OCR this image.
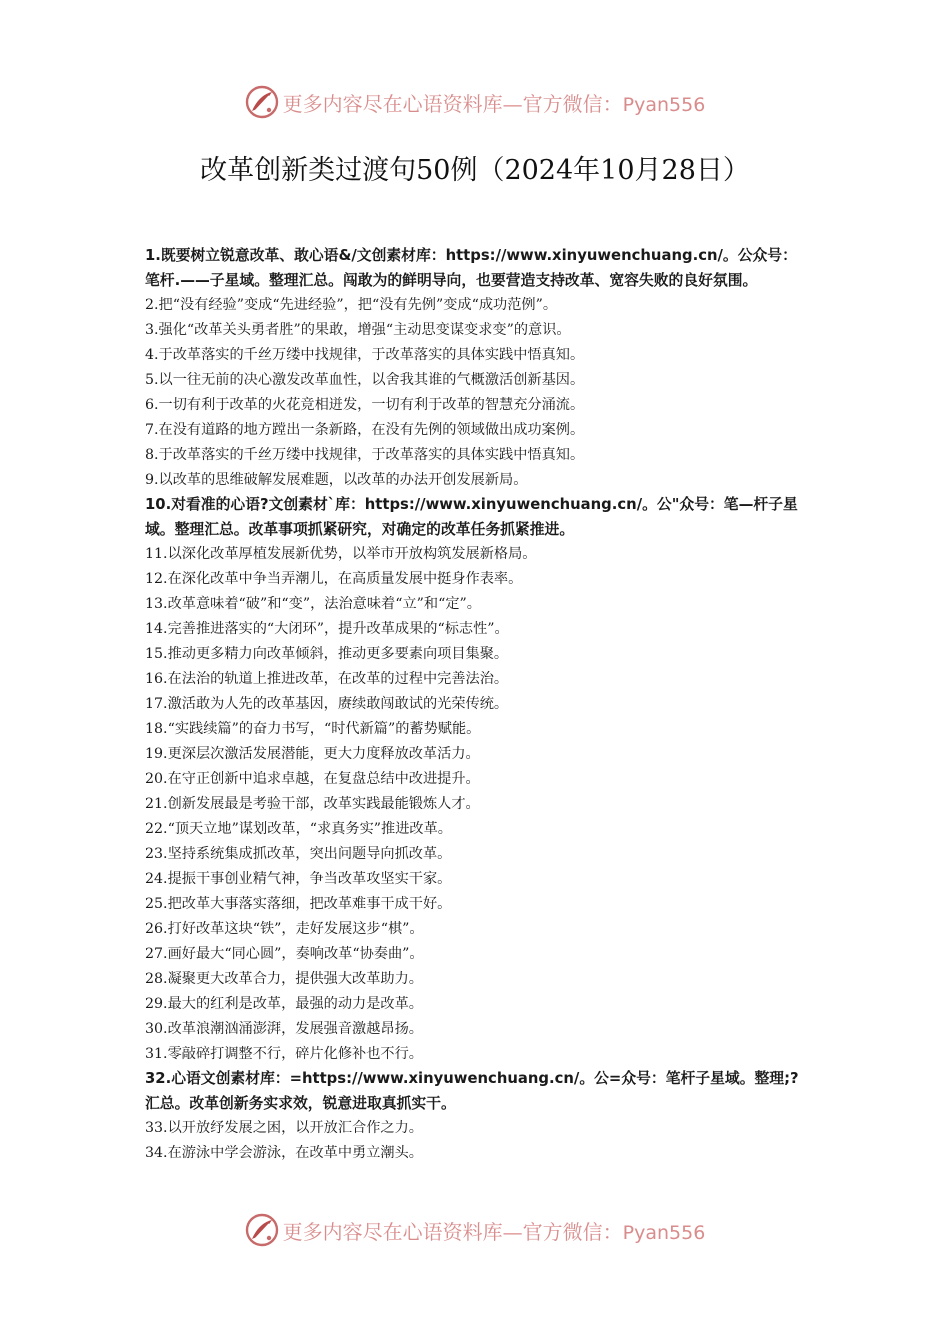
更多内容尽在心语资料库—官方微信：Pyan556
改革创新类过渡句50例（2024年10月28日）
1.既要树立锐意改革、敢心语&/文创素材库：https://www.xinyuwenchuang.cn/。公众号：笔杆.——子星域。整理汇总。闯敢为的鲜明导向，也要营造支持改革、宽容失败的良好氛围。
2.把“没有经验”变成“先进经验”，把“没有先例”变成“成功范例”。
3.强化“改革关头勇者胜”的果敢，增强“主动思变谋变求变”的意识。
4.于改革落实的千丝万缕中找规律，于改革落实的具体实践中悟真知。
5.以一往无前的决心激发改革血性，以舍我其谁的气概激活创新基因。
6.一切有利于改革的火花竞相迸发，一切有利于改革的智慧充分涌流。
7.在没有道路的地方蹚出一条新路，在没有先例的领域做出成功案例。
8.于改革落实的千丝万缕中找规律，于改革落实的具体实践中悟真知。
9.以改革的思维破解发展难题，以改革的办法开创发展新局。
10.对看准的心语?文创素材`库：https://www.xinyuwenchuang.cn/。公"众号：笔—杆子星域。整理汇总。改革事项抓紧研究，对确定的改革任务抓紧推进。
11.以深化改革厚植发展新优势，以举市开放构筑发展新格局。
12.在深化改革中争当弄潮儿，在高质量发展中挺身作表率。
13.改革意味着“破”和“变”，法治意味着“立”和“定”。
14.完善推进落实的“大闭环”，提升改革成果的“标志性”。
15.推动更多精力向改革倾斜，推动更多要素向项目集聚。
16.在法治的轨道上推进改革，在改革的过程中完善法治。
17.激活敢为人先的改革基因，赓续敢闯敢试的光荣传统。
18.“实践续篇”的奋力书写，“时代新篇”的蓄势赋能。
19.更深层次激活发展潜能，更大力度释放改革活力。
20.在守正创新中追求卓越，在复盘总结中改进提升。
21.创新发展最是考验干部，改革实践最能锻炼人才。
22.“顶天立地”谋划改革，“求真务实”推进改革。
23.坚持系统集成抓改革，突出问题导向抓改革。
24.提振干事创业精气神，争当改革攻坚实干家。
25.把改革大事落实落细，把改革难事干成干好。
26.打好改革这块“铁”，走好发展这步“棋”。
27.画好最大“同心圆”，奏响改革“协奏曲”。
28.凝聚更大改革合力，提供强大改革助力。
29.最大的红利是改革，最强的动力是改革。
30.改革浪潮汹涌澎湃，发展强音激越昂扬。
31.零敲碎打调整不行，碎片化修补也不行。
32.心语文创素材库：=https://www.xinyuwenchuang.cn/。公=众号：笔杆子星域。整理;?汇总。改革创新务实求效，锐意进取真抓实干。
33.以开放纾发展之困，以开放汇合作之力。
34.在游泳中学会游泳，在改革中勇立潮头。
更多内容尽在心语资料库—官方微信：Pyan556
